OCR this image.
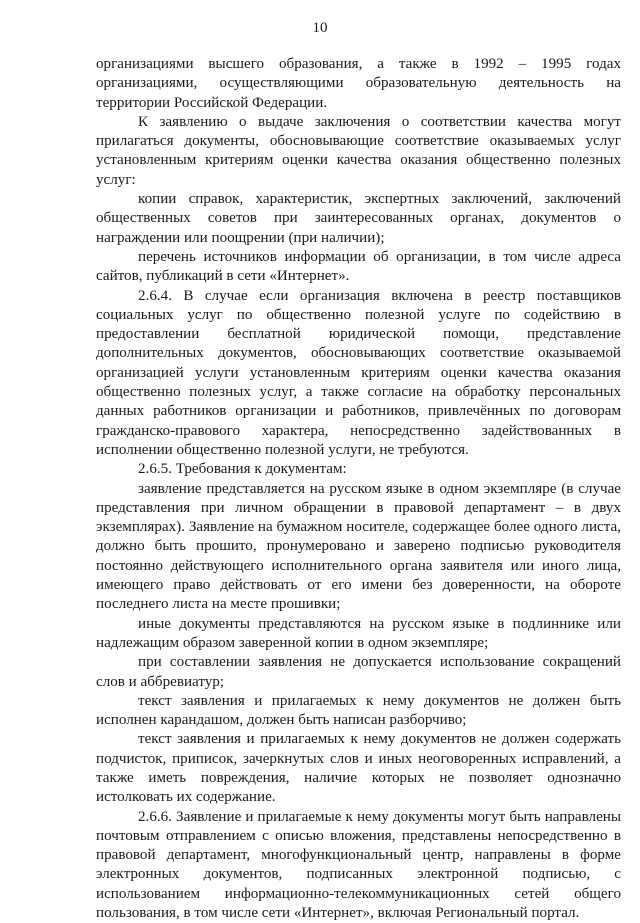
10

организациями высшего образования, а также в 1992 – 1995 годах организациями, осуществляющими образовательную деятельность на территории Российской Федерации.

К заявлению о выдаче заключения о соответствии качества могут прилагаться документы, обосновывающие соответствие оказываемых услуг установленным критериям оценки качества оказания общественно полезных услуг:

копии справок, характеристик, экспертных заключений, заключений общественных советов при заинтересованных органах, документов о награждении или поощрении (при наличии);

перечень источников информации об организации, в том числе адреса сайтов, публикаций в сети «Интернет».

2.6.4. В случае если организация включена в реестр поставщиков социальных услуг по общественно полезной услуге по содействию в предоставлении бесплатной юридической помощи, представление дополнительных документов, обосновывающих соответствие оказываемой организацией услуги установленным критериям оценки качества оказания общественно полезных услуг, а также согласие на обработку персональных данных работников организации и работников, привлечённых по договорам гражданско-правового характера, непосредственно задействованных в исполнении общественно полезной услуги, не требуются.

2.6.5. Требования к документам:

заявление представляется на русском языке в одном экземпляре (в случае представления при личном обращении в правовой департамент – в двух экземплярах). Заявление на бумажном носителе, содержащее более одного листа, должно быть прошито, пронумеровано и заверено подписью руководителя постоянно действующего исполнительного органа заявителя или иного лица, имеющего право действовать от его имени без доверенности, на обороте последнего листа на месте прошивки;

иные документы представляются на русском языке в подлиннике или надлежащим образом заверенной копии в одном экземпляре;

при составлении заявления не допускается использование сокращений слов и аббревиатур;

текст заявления и прилагаемых к нему документов не должен быть исполнен карандашом, должен быть написан разборчиво;

текст заявления и прилагаемых к нему документов не должен содержать подчисток, приписок, зачеркнутых слов и иных неоговоренных исправлений, а также иметь повреждения, наличие которых не позволяет однозначно истолковать их содержание.

2.6.6. Заявление и прилагаемые к нему документы могут быть направлены почтовым отправлением с описью вложения, представлены непосредственно в правовой департамент, многофункциональный центр, направлены в форме электронных документов, подписанных электронной подписью, с использованием информационно-телекоммуникационных сетей общего пользования, в том числе сети «Интернет», включая Региональный портал.
